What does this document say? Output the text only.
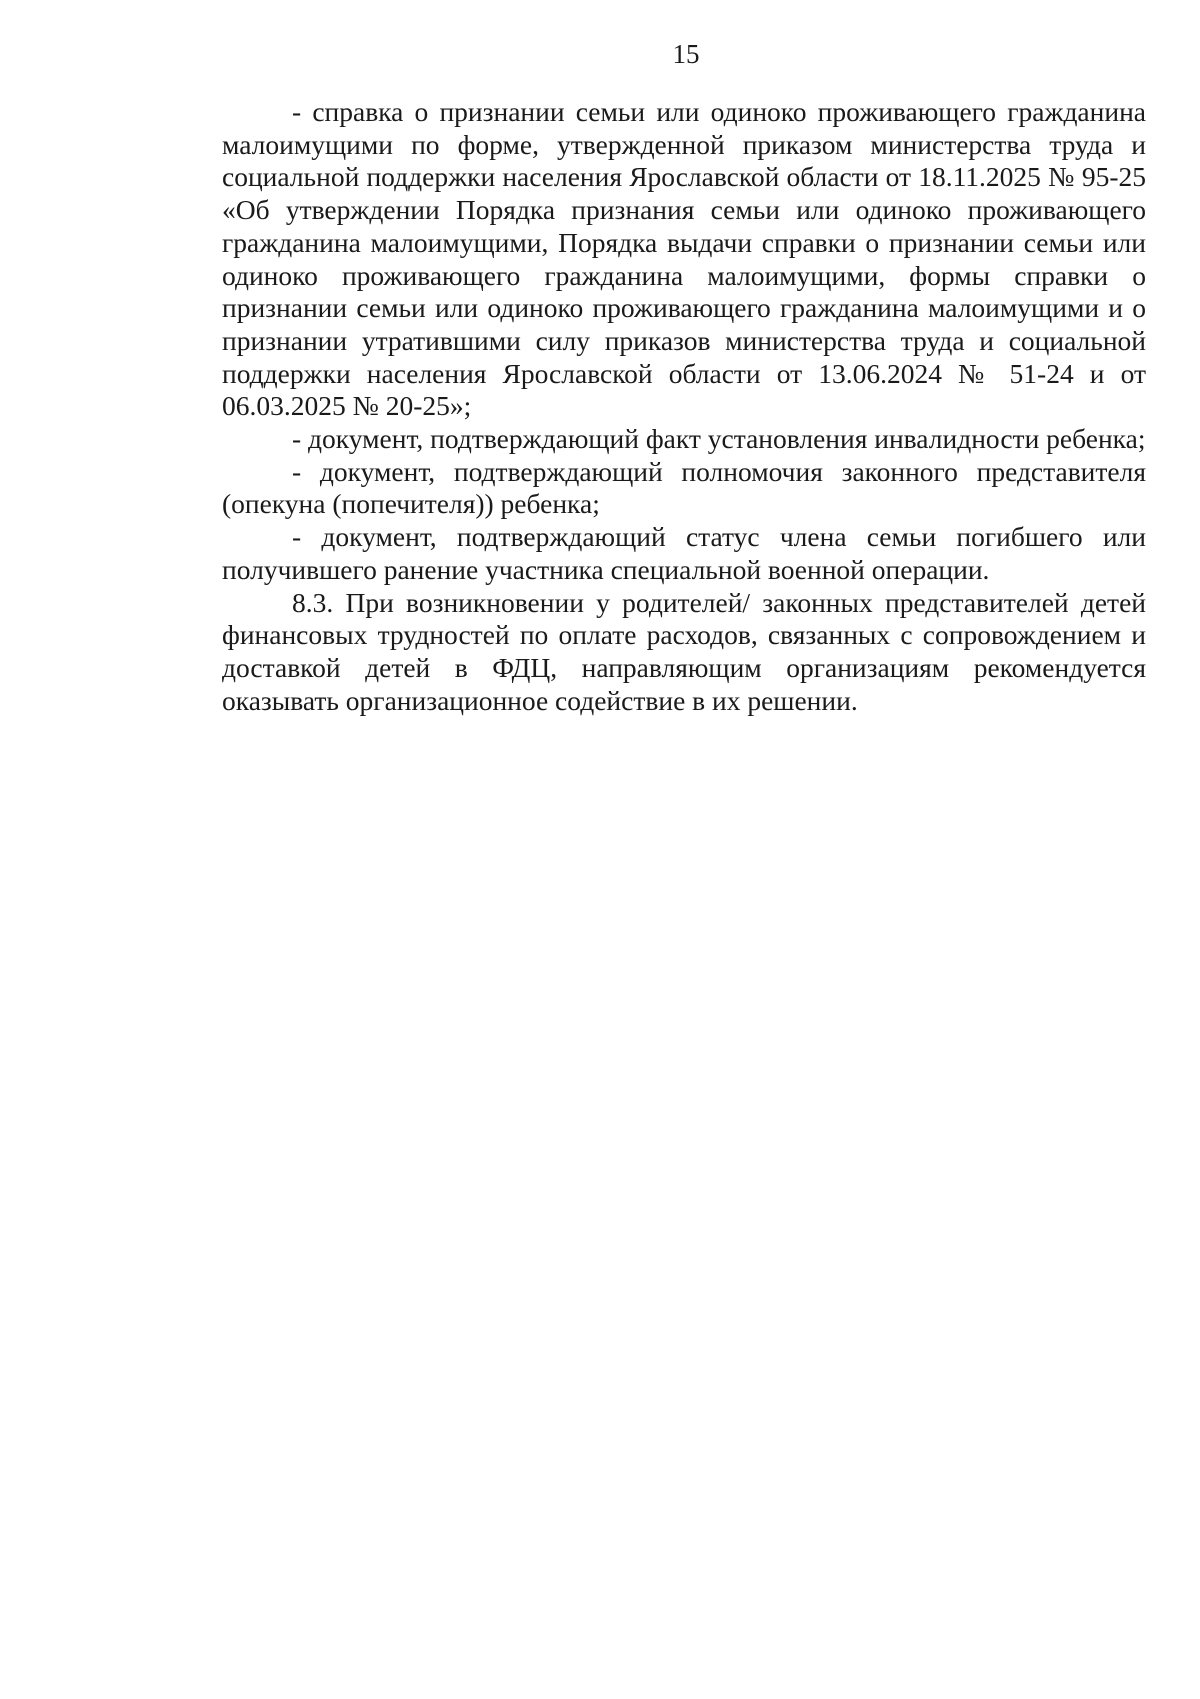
15

- справка о признании семьи или одиноко проживающего гражданина малоимущими по форме, утвержденной приказом министерства труда и социальной поддержки населения Ярославской области от 18.11.2025 № 95-25 «Об утверждении Порядка признания семьи или одиноко проживающего гражданина малоимущими, Порядка выдачи справки о признании семьи или одиноко проживающего гражданина малоимущими, формы справки о признании семьи или одиноко проживающего гражданина малоимущими и о признании утратившими силу приказов министерства труда и социальной поддержки населения Ярославской области от 13.06.2024 № 51-24 и от 06.03.2025 № 20-25»;

- документ, подтверждающий факт установления инвалидности ребенка;

- документ, подтверждающий полномочия законного представителя (опекуна (попечителя)) ребенка;

- документ, подтверждающий статус члена семьи погибшего или получившего ранение участника специальной военной операции.

8.3. При возникновении у родителей/ законных представителей детей финансовых трудностей по оплате расходов, связанных с сопровождением и доставкой детей в ФДЦ, направляющим организациям рекомендуется оказывать организационное содействие в их решении.
